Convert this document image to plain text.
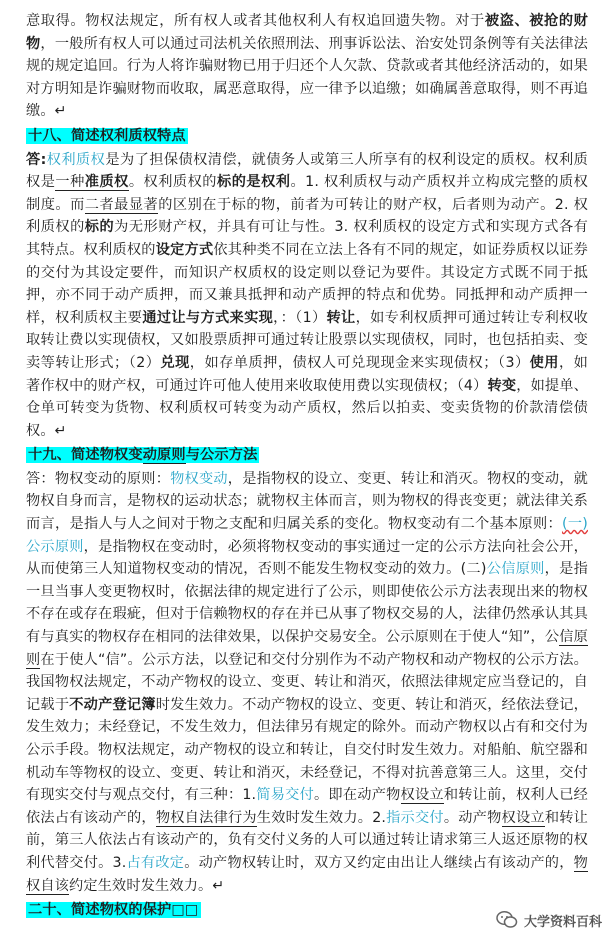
意取得。物权法规定，所有权人或者其他权利人有权追回遗失物。对于被盗、被抢的财物，一般所有权人可以通过司法机关依照刑法、刑事诉讼法、治安处罚条例等有关法律法规的规定追回。行为人将诈骗财物已用于归还个人欠款、贷款或者其他经济活动的，如果对方明知是诈骗财物而收取，属恶意取得，应一律予以追缴；如确属善意取得，则不再追缴。↵

十八、简述权利质权特点

答:权利质权是为了担保债权清偿，就债务人或第三人所享有的权利设定的质权。权利质权是一种准质权。权利质权的标的是权利。1. 权利质权与动产质权并立构成完整的质权制度。而二者最显著的区别在于标的物，前者为可转让的财产权，后者则为动产。2. 权利质权的标的为无形财产权，并具有可让与性。3. 权利质权的设定方式和实现方式各有其特点。权利质权的设定方式依其种类不同在立法上各有不同的规定，如证券质权以证券的交付为其设定要件，而知识产权质权的设定则以登记为要件。其设定方式既不同于抵押，亦不同于动产质押，而又兼具抵押和动产质押的特点和优势。同抵押和动产质押一样，权利质权主要通过让与方式来实现，：（1）转让，如专利权质押可通过转让专利权收取转让费以实现债权，又如股票质押可通过转让股票以实现债权，同时，也包括拍卖、变卖等转让形式；（2）兑现，如存单质押，债权人可兑现现金来实现债权；（3）使用，如著作权中的财产权，可通过许可他人使用来收取使用费以实现债权；（4）转变，如提单、仓单可转变为货物、权利质权可转变为动产质权，然后以拍卖、变卖货物的价款清偿债权。↵

十九、简述物权变动原则与公示方法

答：物权变动的原则：物权变动，是指物权的设立、变更、转让和消灭。物权的变动，就物权自身而言，是物权的运动状态；就物权主体而言，则为物权的得丧变更；就法律关系而言，是指人与人之间对于物之支配和归属关系的变化。物权变动有二个基本原则：(一)公示原则，是指物权在变动时，必须将物权变动的事实通过一定的公示方法向社会公开，从而使第三人知道物权变动的情况，否则不能发生物权变动的效力。(二)公信原则，是指一旦当事人变更物权时，依据法律的规定进行了公示，则即使依公示方法表现出来的物权不存在或存在瑕疵，但对于信赖物权的存在并已从事了物权交易的人，法律仍然承认其具有与真实的物权存在相同的法律效果，以保护交易安全。公示原则在于使人“知”，公信原则在于使人“信”。公示方法，以登记和交付分别作为不动产物权和动产物权的公示方法。我国物权法规定，不动产物权的设立、变更、转让和消灭，依照法律规定应当登记的，自记载于不动产登记簿时发生效力。不动产物权的设立、变更、转让和消灭，经依法登记，发生效力；未经登记，不发生效力，但法律另有规定的除外。而动产物权以占有和交付为公示手段。物权法规定，动产物权的设立和转让，自交付时发生效力。对船舶、航空器和机动车等物权的设立、变更、转让和消灭，未经登记，不得对抗善意第三人。这里，交付有现实交付与观点交付，有三种：1.简易交付。即在动产物权设立和转让前，权利人已经依法占有该动产的，物权自法律行为生效时发生效力。2.指示交付。动产物权设立和转让前，第三人依法占有该动产的，负有交付义务的人可以通过转让请求第三人返还原物的权利代替交付。3.占有改定。动产物权转让时，双方又约定由出让人继续占有该动产的，物权自该约定生效时发生效力。↵

二十、简述物权的保护□□
大学资料百科
